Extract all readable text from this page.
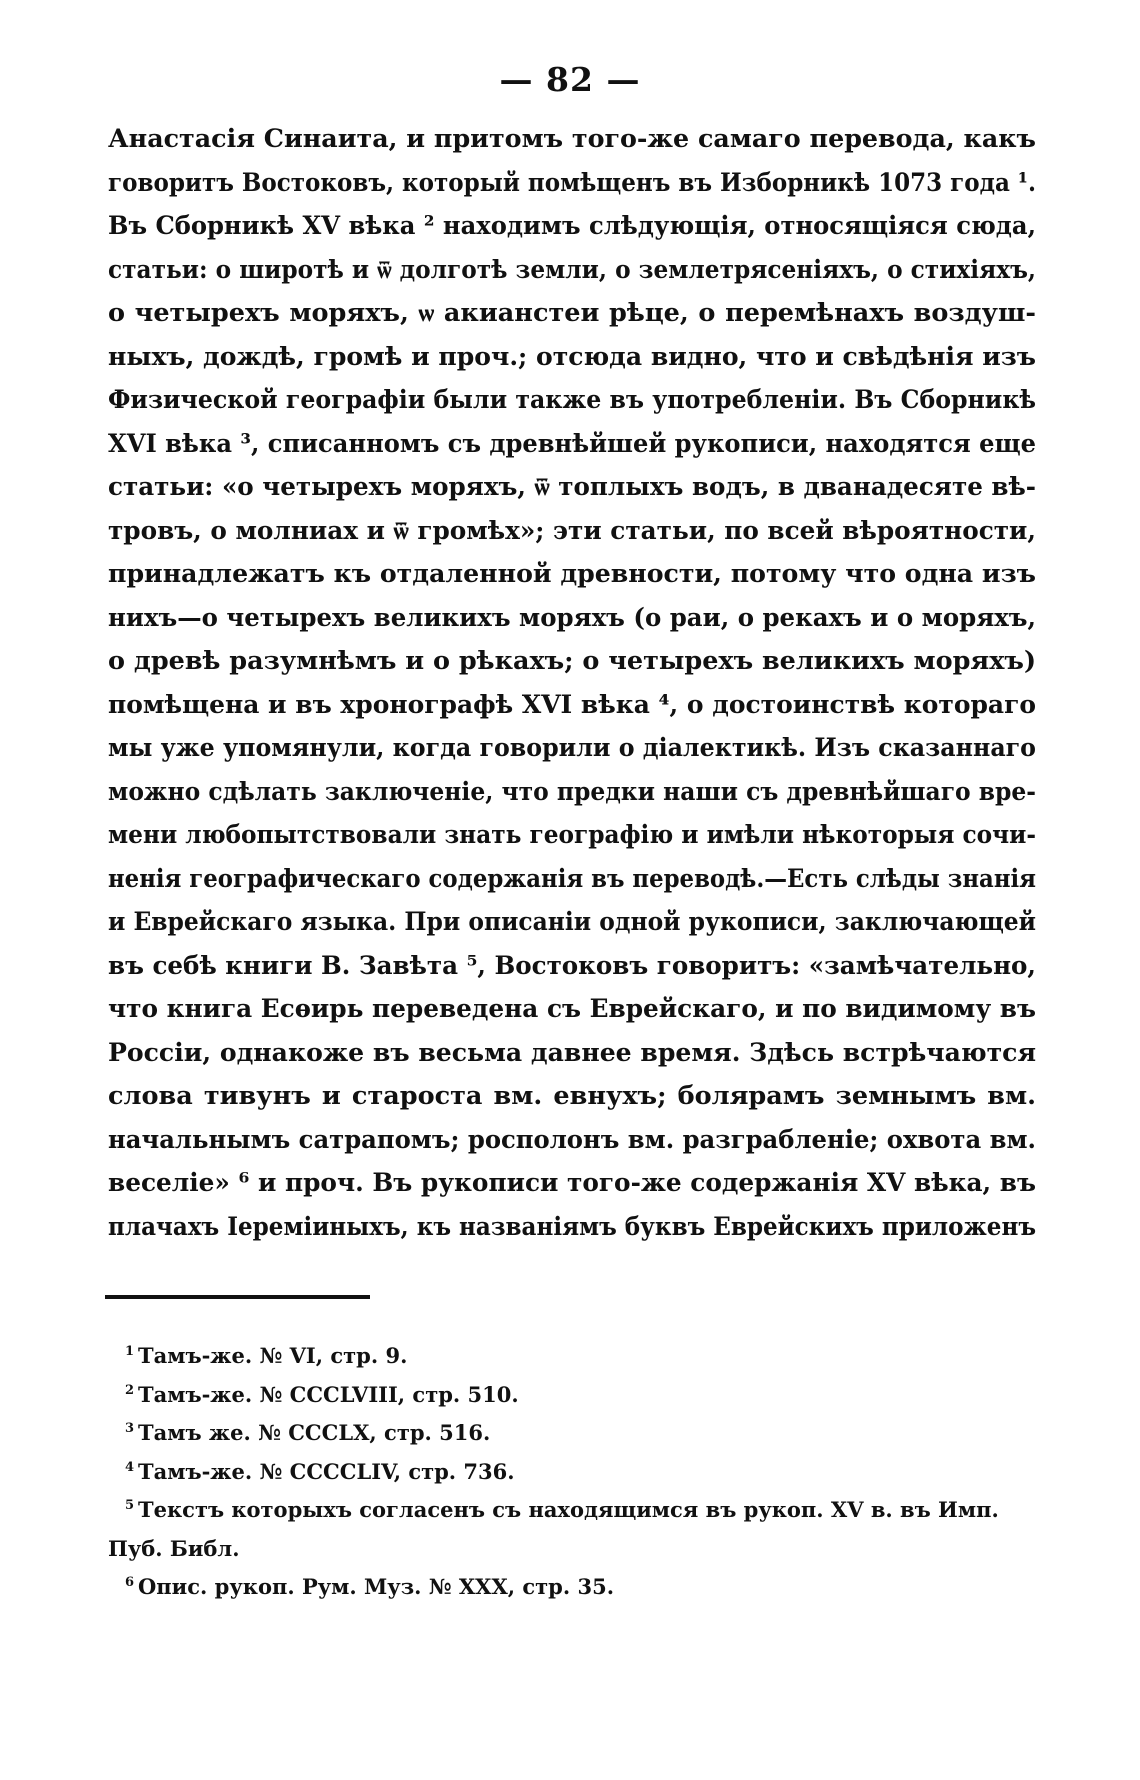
— 82 —
Анастасія Синаита, и притомъ того-же самаго перевода, какъ
говоритъ Востоковъ, который помѣщенъ въ Изборникѣ 1073 года ¹.
Въ Сборникѣ XV вѣка ² находимъ слѣдующія, относящіяся сюда,
статьи: о широтѣ и ѿ долготѣ земли, о землетрясеніяхъ, о стихіяхъ,
о четырехъ моряхъ, ѡ акианстеи рѣце, о перемѣнахъ воздуш-
ныхъ, дождѣ, громѣ и проч.; отсюда видно, что и свѣдѣнія изъ
Физической географіи были также въ употребленіи. Въ Сборникѣ
XVI вѣка ³, списанномъ съ древнѣйшей рукописи, находятся еще
статьи: «о четырехъ моряхъ, ѿ топлыхъ водъ, в дванадесяте вѣ-
тровъ, о молниах и ѿ громѣх»; эти статьи, по всей вѣроятности,
принадлежатъ къ отдаленной древности, потому что одна изъ
нихъ—о четырехъ великихъ моряхъ (о раи, о рекахъ и о моряхъ,
о древѣ разумнѣмъ и о рѣкахъ; о четырехъ великихъ моряхъ)
помѣщена и въ хронографѣ XVI вѣка ⁴, о достоинствѣ котораго
мы уже упомянули, когда говорили о діалектикѣ. Изъ сказаннаго
можно сдѣлать заключеніе, что предки наши съ древнѣйшаго вре-
мени любопытствовали знать географію и имѣли нѣкоторыя сочи-
ненія географическаго содержанія въ переводѣ.—Есть слѣды знанія
и Еврейскаго языка. При описаніи одной рукописи, заключающей
въ себѣ книги В. Завѣта ⁵, Востоковъ говоритъ: «замѣчательно,
что книга Есѳирь переведена съ Еврейскаго, и по видимому въ
Россіи, однакоже въ весьма давнее время. Здѣсь встрѣчаются
слова тивунъ и староста вм. евнухъ; болярамъ земнымъ вм.
начальнымъ сатрапомъ; росполонъ вм. разграбленіе; охвота вм.
веселіе» ⁶ и проч. Въ рукописи того-же содержанія XV вѣка, въ
плачахъ Іереміиныхъ, къ названіямъ буквъ Еврейскихъ приложенъ
1 Тамъ-же. № VI, стр. 9.
2 Тамъ-же. № CCCLVIII, стр. 510.
3 Тамъ же. № CCCLX, стр. 516.
4 Тамъ-же. № CCCCLIV, стр. 736.
5 Текстъ которыхъ согласенъ съ находящимся въ рукоп. XV в. въ Имп.
Пуб. Библ.
6 Опис. рукоп. Рум. Муз. № XXX, стр. 35.
